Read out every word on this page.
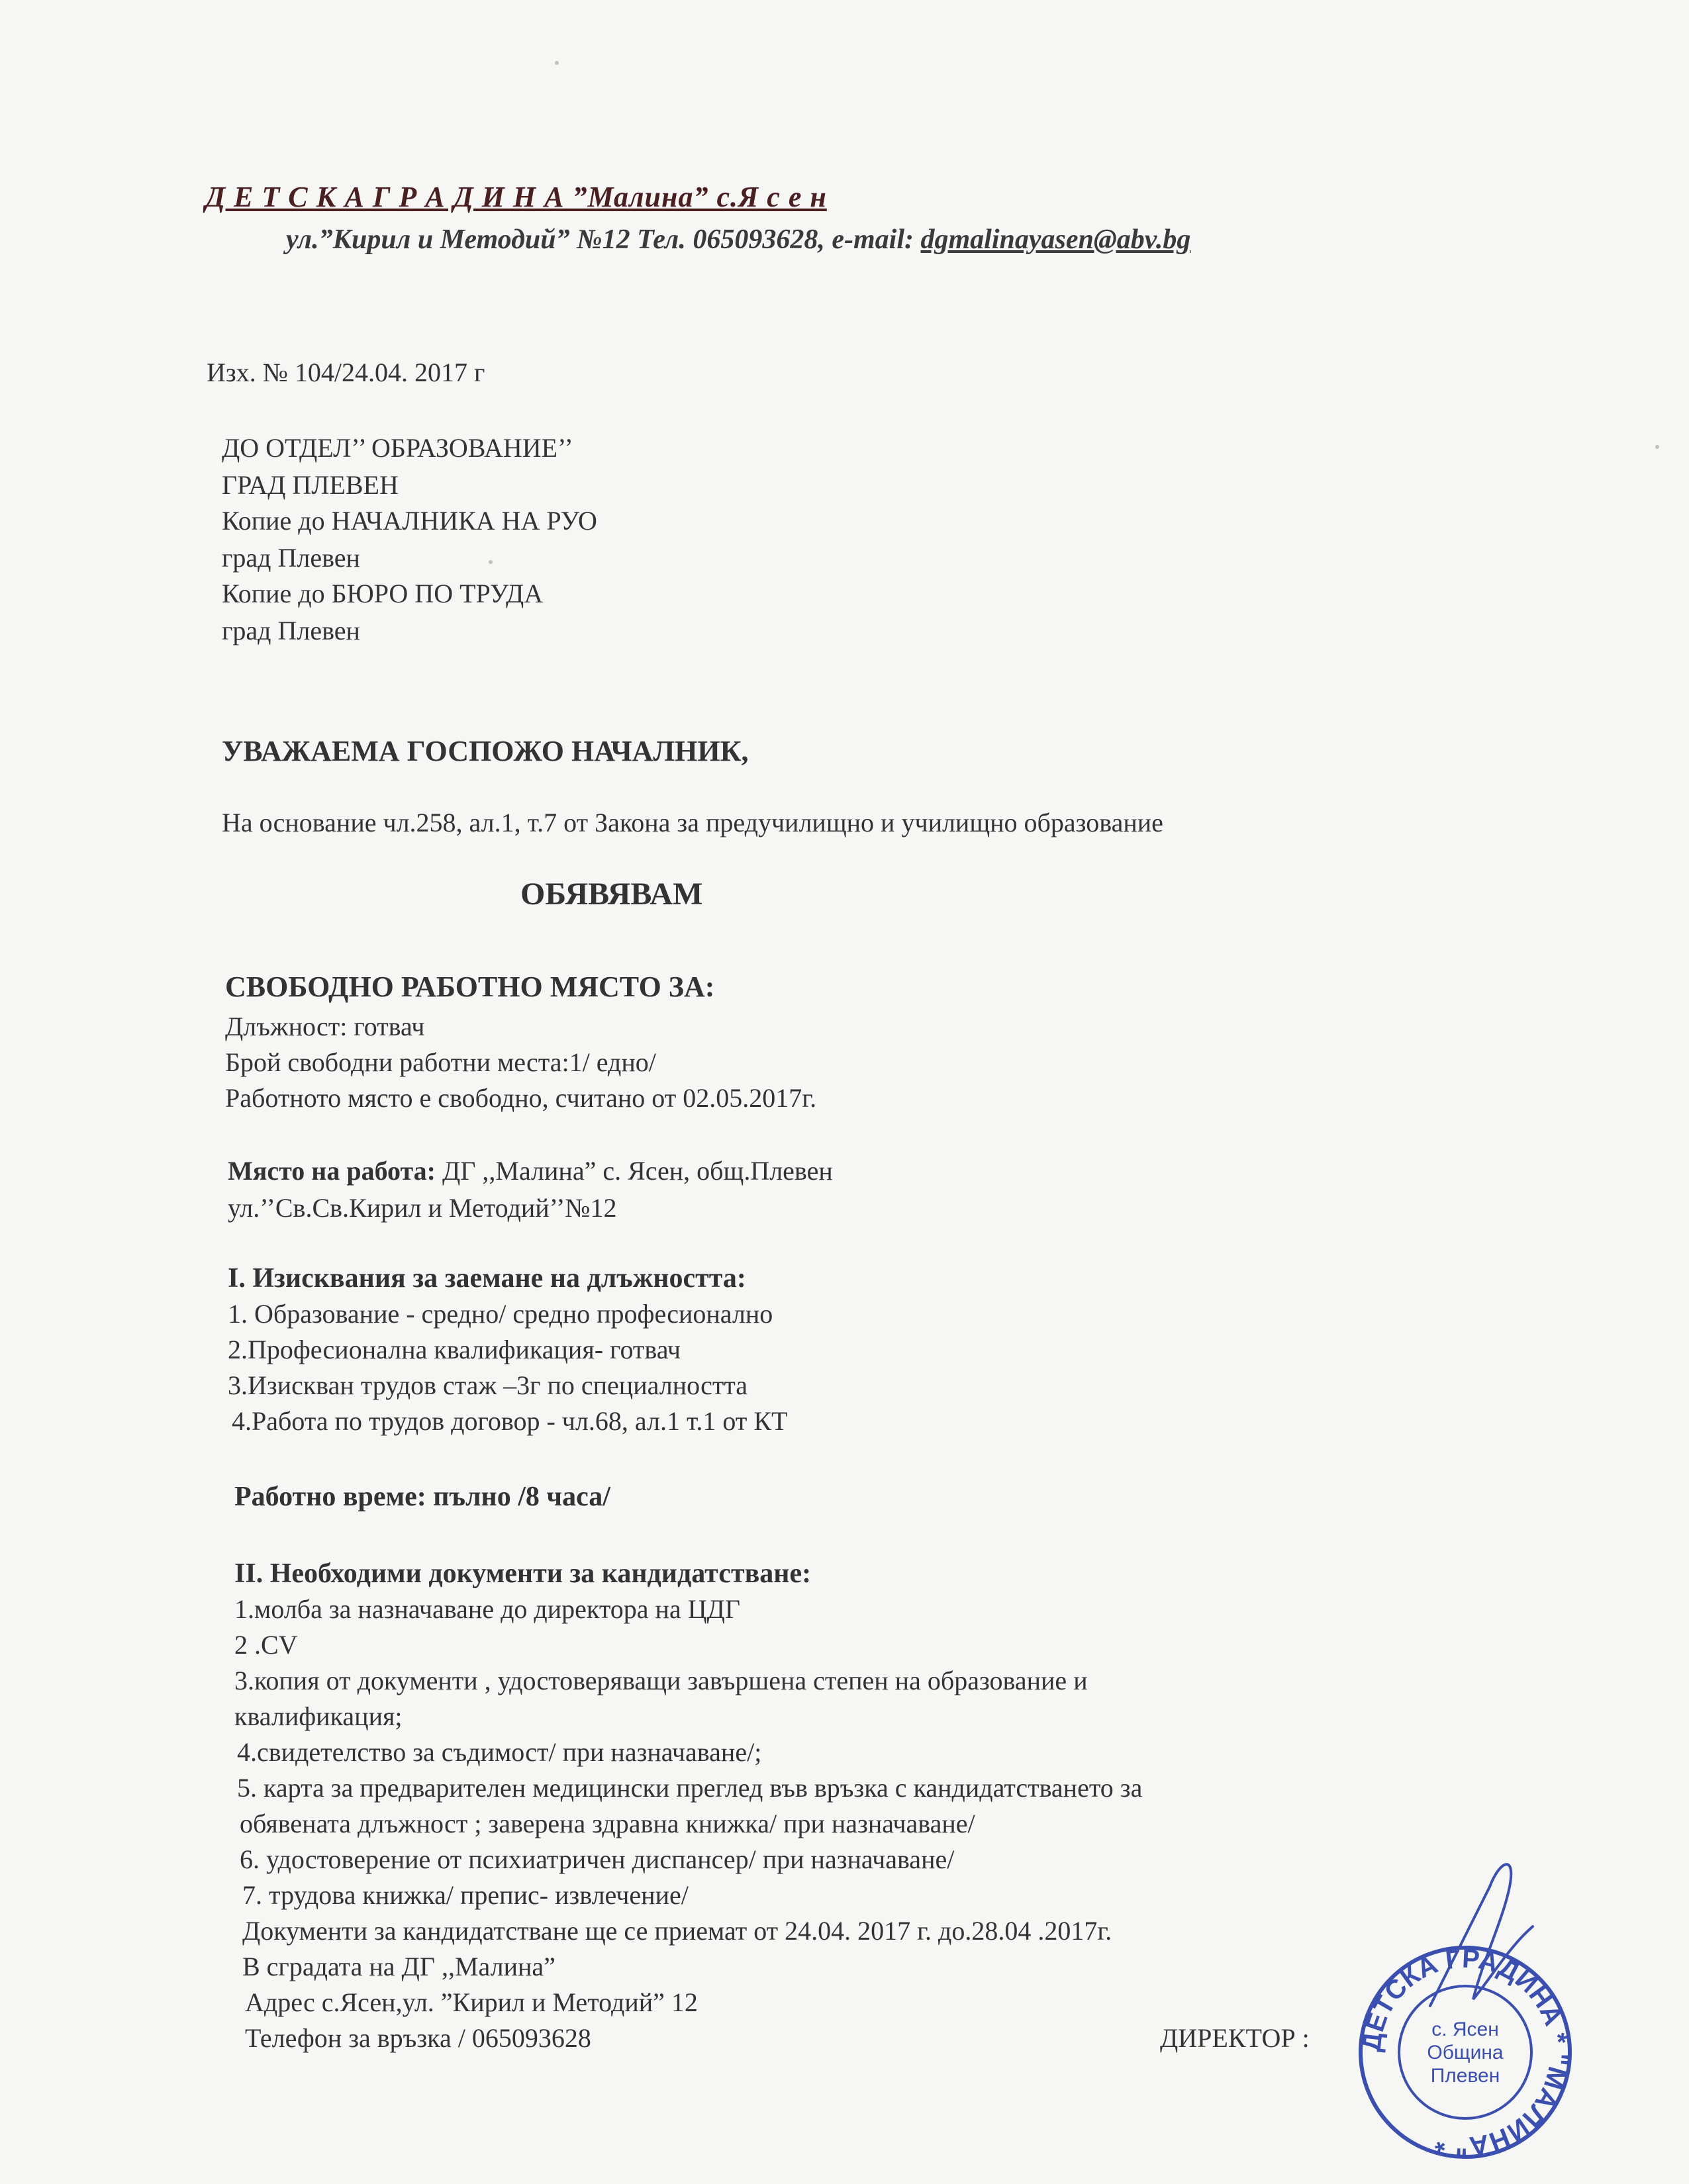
Д Е Т С К А Г Р А Д И Н А ”Малина” с.Я с е н
ул.”Кирил и Методий” №12 Тел. 065093628, e-mail: dgmalinayasen@abv.bg
Изх. № 104/24.04. 2017 г
ДО ОТДЕЛ’’ ОБРАЗОВАНИЕ’’
ГРАД ПЛЕВЕН
Копие до НАЧАЛНИКА НА РУО
град Плевен
Копие до БЮРО ПО ТРУДА
град Плевен
УВАЖАЕМА ГОСПОЖО НАЧАЛНИК,
На основание чл.258, ал.1, т.7 от Закона за предучилищно и училищно образование
ОБЯВЯВАМ
СВОБОДНО РАБОТНО МЯСТО ЗА:
Длъжност: готвач
Брой свободни работни места:1/ едно/
Работното място е свободно, считано от 02.05.2017г.
Място на работа: ДГ ,,Малина” с. Ясен, общ.Плевен
ул.’’Св.Св.Кирил и Методий’’№12
I. Изисквания за заемане на длъжността:
1. Образование - средно/ средно професионално
2.Професионална квалификация- готвач
3.Изискван трудов стаж –3г по специалността
4.Работа по трудов договор - чл.68, ал.1 т.1 от КТ
Работно време: пълно /8 часа/
II. Необходими документи за кандидатстване:
1.молба за назначаване до директора на ЦДГ
2 .CV
3.копия от документи , удостоверяващи завършена степен на образование и
квалификация;
4.свидетелство за съдимост/ при назначаване/;
5. карта за предварителен медицински преглед във връзка с кандидатстването за
обявената длъжност ; заверена здравна книжка/ при назначаване/
6. удостоверение от психиатричен диспансер/ при назначаване/
7. трудова книжка/ препис- извлечение/
Документи за кандидатстване ще се приемат от 24.04. 2017 г. до.28.04 .2017г.
В сградата на ДГ ,,Малина”
Адрес с.Ясен,ул. ”Кирил и Методий” 12
Телефон за връзка / 065093628	ДИРЕКТОР : ДЕТСКА ГРАДИНА * "МАЛИНА" *
с. Ясен
Община
Плевен
